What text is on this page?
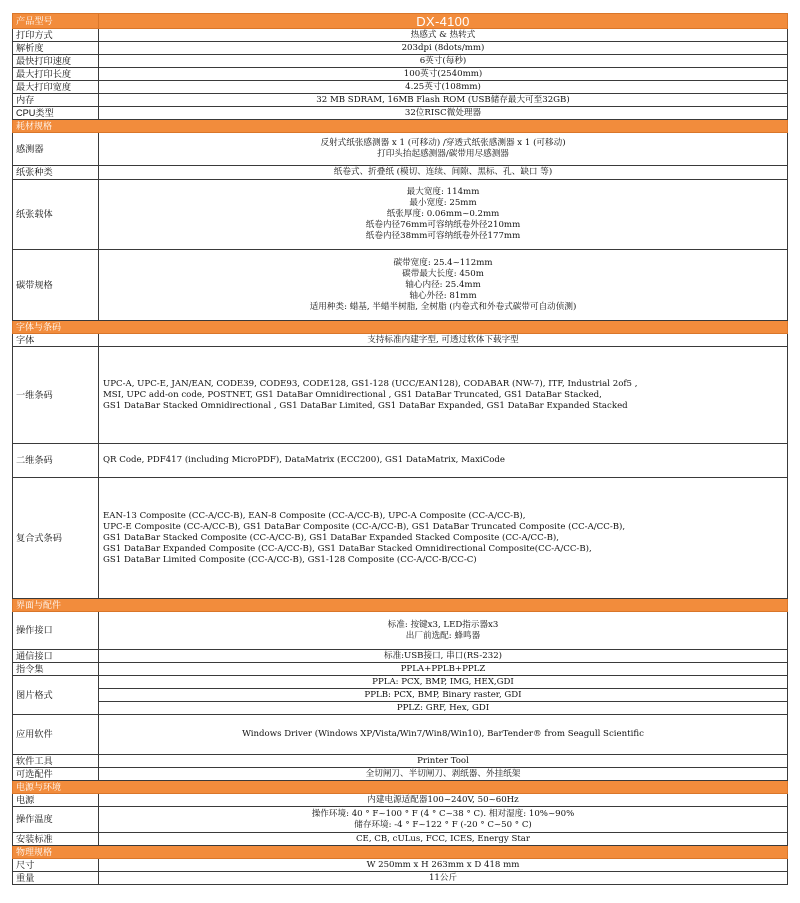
产品型号	DX-4100
打印方式	热感式 & 热转式
解析度	203dpi (8dots/mm)
最快打印速度	6英寸(每秒)
最大打印长度	100英寸(2540mm)
最大打印宽度	4.25英寸(108mm)
内存	32 MB SDRAM, 16MB Flash ROM (USB储存最大可至32GB)
CPU类型	32位RISC微处理器
耗材规格	
感测器	反射式纸张感测器 x 1 (可移动) /穿透式纸张感测器 x 1 (可移动)
打印头抬起感测器/碳带用尽感测器
纸张种类	纸卷式、折叠纸 (模切、连续、间隙、黑标、孔、缺口 等)
纸张载体	最大宽度: 114mm
最小宽度: 25mm
纸张厚度: 0.06mm~0.2mm
纸卷内径76mm可容纳纸卷外径210mm
纸卷内径38mm可容纳纸卷外径177mm
碳带规格	碳带宽度: 25.4~112mm
碳带最大长度: 450m
轴心内径: 25.4mm
轴心外径: 81mm
适用种类: 蜡基, 半蜡半树脂, 全树脂 (内卷式和外卷式碳带可自动侦测)
字体与条码	
字体	支持标准内建字型, 可透过软体下载字型
一维条码	UPC-A, UPC-E, JAN/EAN, CODE39, CODE93, CODE128, GS1-128 (UCC/EAN128), CODABAR (NW-7), ITF, Industrial 2of5 ,
MSI, UPC add-on code, POSTNET, GS1 DataBar Omnidirectional , GS1 DataBar Truncated, GS1 DataBar Stacked,
GS1 DataBar Stacked Omnidirectional , GS1 DataBar Limited, GS1 DataBar Expanded, GS1 DataBar Expanded Stacked
二维条码	QR Code, PDF417 (including MicroPDF), DataMatrix (ECC200), GS1 DataMatrix, MaxiCode
复合式条码	EAN-13 Composite (CC-A/CC-B), EAN-8 Composite (CC-A/CC-B), UPC-A Composite (CC-A/CC-B),
UPC-E Composite (CC-A/CC-B), GS1 DataBar Composite (CC-A/CC-B), GS1 DataBar Truncated Composite (CC-A/CC-B),
GS1 DataBar Stacked Composite (CC-A/CC-B), GS1 DataBar Expanded Stacked Composite (CC-A/CC-B),
GS1 DataBar Expanded Composite (CC-A/CC-B), GS1 DataBar Stacked Omnidirectional Composite(CC-A/CC-B),
GS1 DataBar Limited Composite (CC-A/CC-B), GS1-128 Composite (CC-A/CC-B/CC-C)
界面与配件	
操作接口	标准: 按键x3, LED指示器x3
出厂前选配: 蜂鸣器
通信接口	标准:USB接口, 串口(RS-232)
指令集	PPLA+PPLB+PPLZ
图片格式	PPLA: PCX, BMP, IMG, HEX,GDI
	PPLB: PCX, BMP, Binary raster, GDI
	PPLZ: GRF, Hex, GDI
应用软件	Windows Driver (Windows XP/Vista/Win7/Win8/Win10), BarTender® from Seagull Scientific
软件工具	Printer Tool
可选配件	全切闸刀、半切闸刀、剥纸器、外挂纸架
电源与环境	
电源	内建电源适配器100~240V, 50~60Hz
操作温度	操作环境: 40 ° F~100 ° F (4 ° C~38 ° C). 相对湿度: 10%~90%
储存环境: -4 ° F~122 ° F (-20 ° C~50 ° C)
安装标准	CE, CB, cULus, FCC, ICES, Energy Star
物理规格	
尺寸	W 250mm x H 263mm x D 418 mm
重量	11公斤
